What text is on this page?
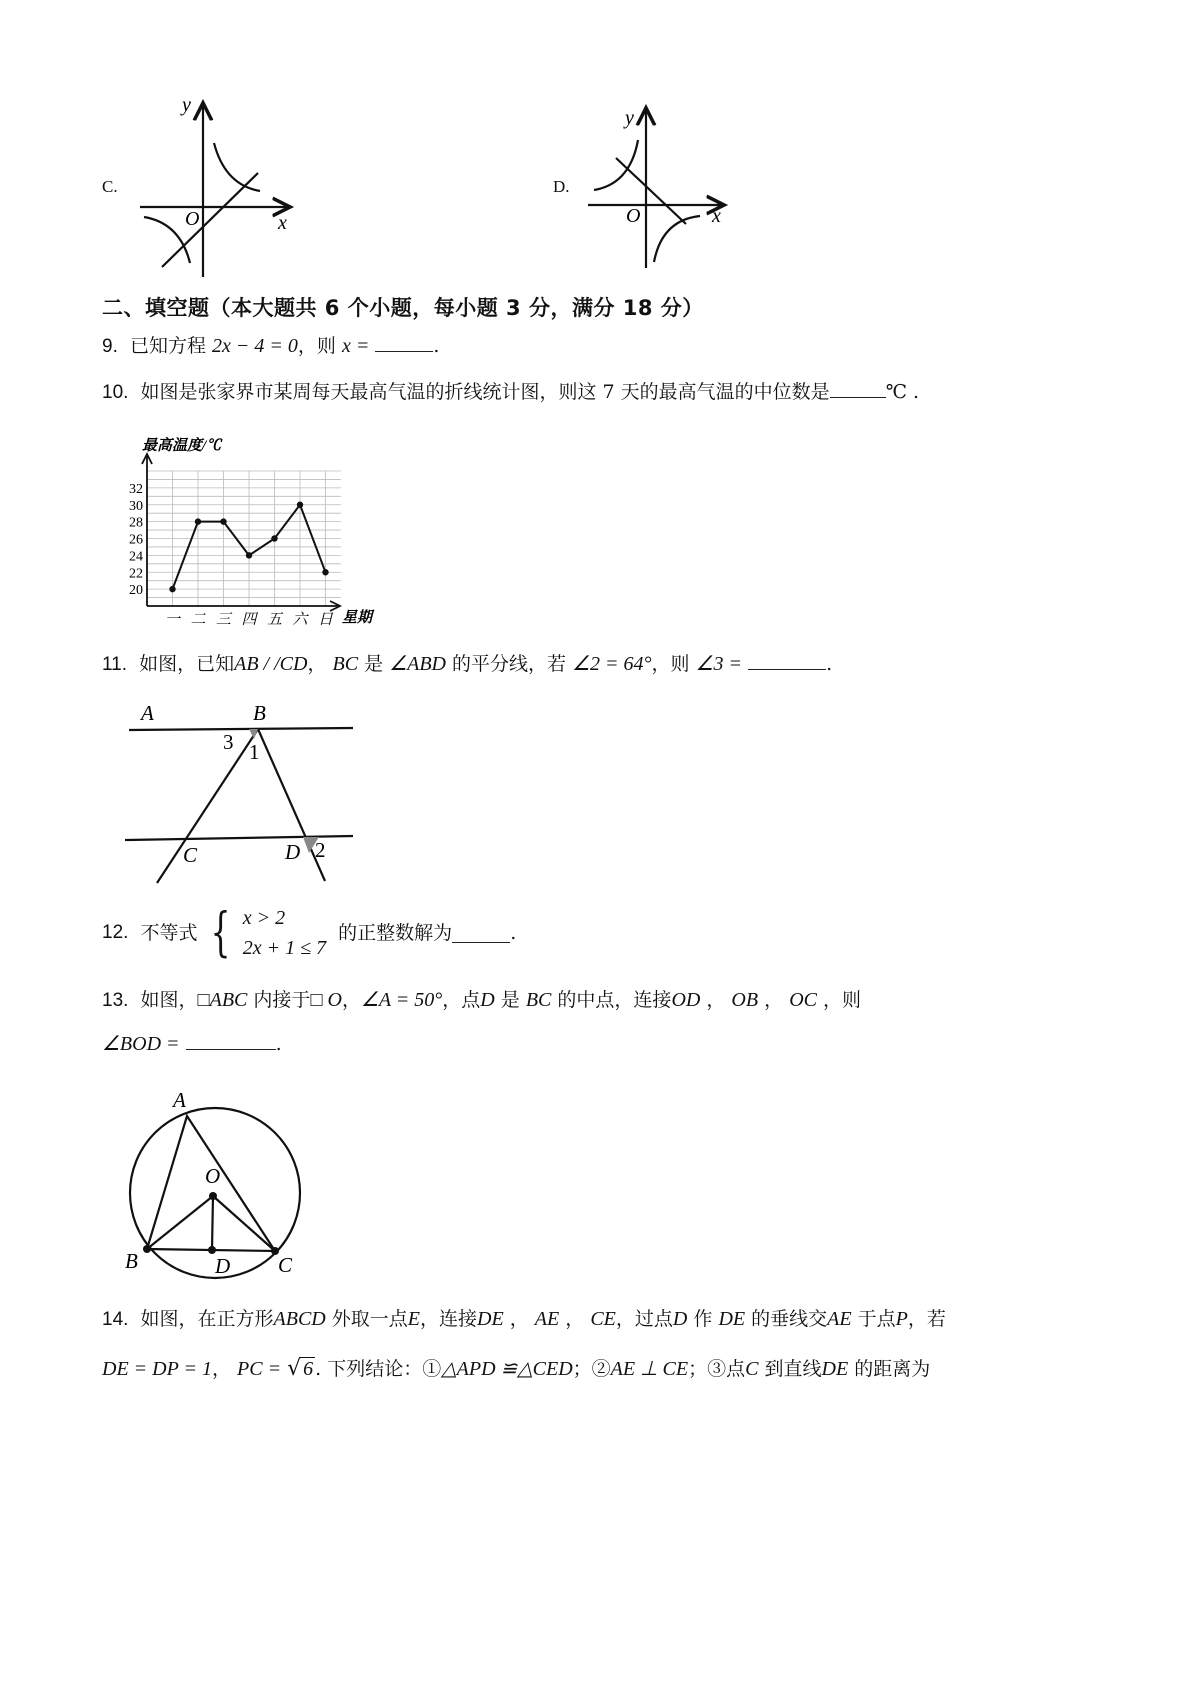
C.
y
x
O
D.
y
x
O
二、填空题（本大题共 6 个小题，每小题 3 分，满分 18 分）
9. 已知方程 2x − 4 = 0，则 x =	.
10. 如图是张家界市某周每天最高气温的折线统计图，则这 7 天的最高气温的中位数是	℃ .
最高温度/℃
20
22
24
26
28
30
32
一 二 三 四 五 六 日 星期
11. 如图，已知AB / /CD， BC 是 ∠ABD 的平分线，若 ∠2 = 64°，则 ∠3 =	.
A	B
3 1
C	D 2
12. 不等式 { x > 2
2x + 1 ≤ 7
的正整数解为	.
13. 如图，□ABC 内接于□ O，∠A = 50°，点D 是 BC 的中点，连接OD ， OB ， OC ，则
∠BOD =	.
A
O
B	D C
14. 如图，在正方形ABCD 外取一点E，连接DE ， AE ， CE，过点D 作 DE 的垂线交AE 于点P，若
DE = DP = 1， PC = √ 6 . 下列结论：①△APD ≌△CED；②AE ⊥ CE；③点C 到直线DE 的距离为
